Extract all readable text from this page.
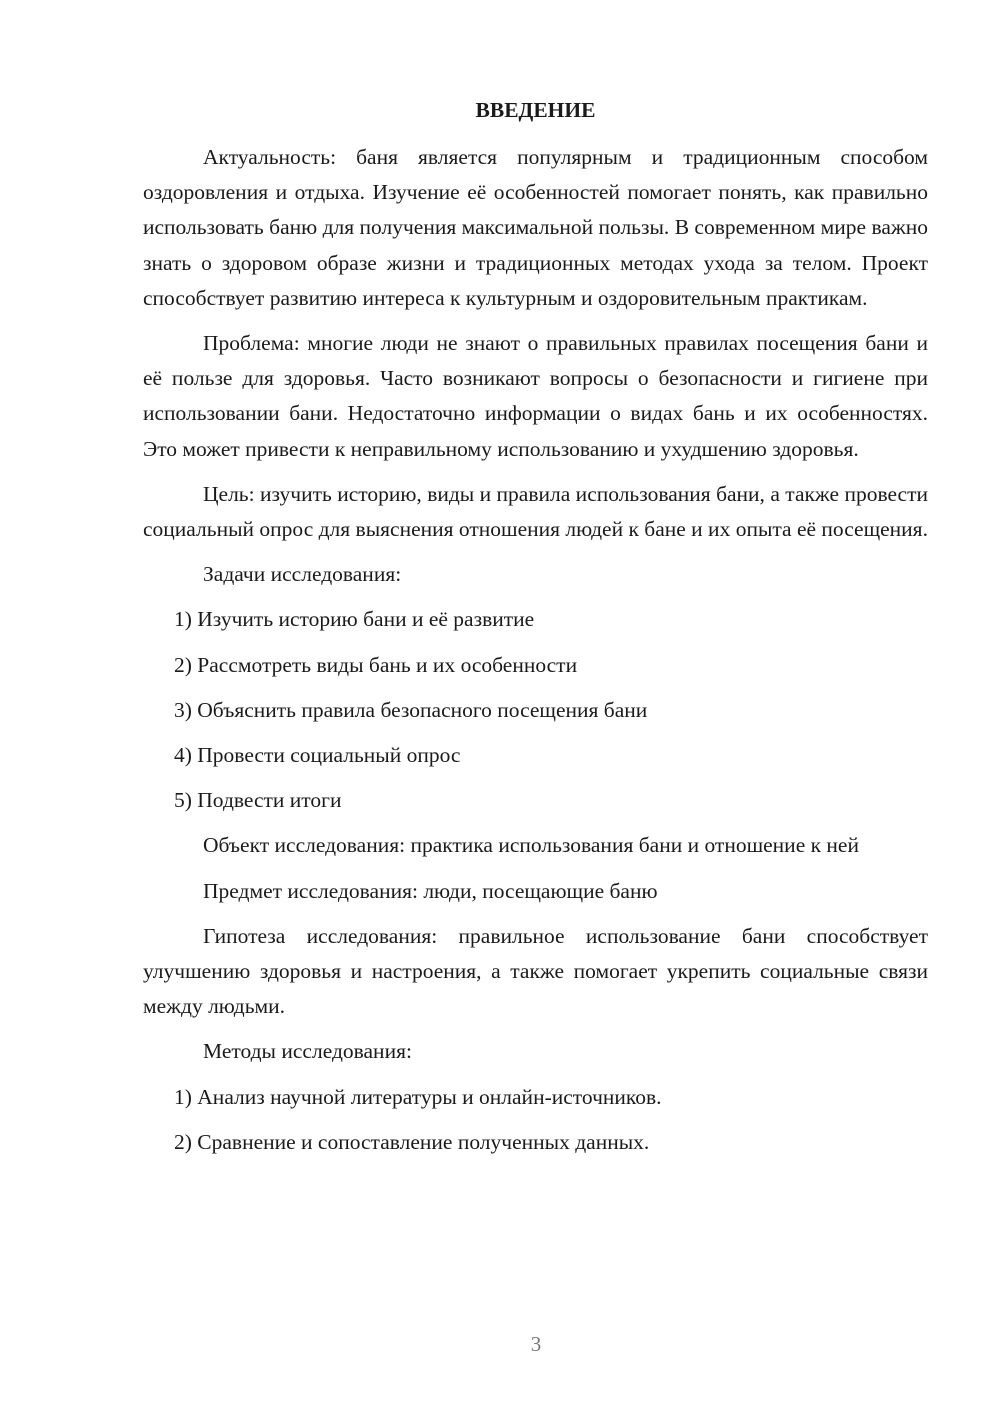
ВВЕДЕНИЕ

Актуальность: баня является популярным и традиционным способом оздоровления и отдыха. Изучение её особенностей помогает понять, как правильно использовать баню для получения максимальной пользы. В современном мире важно знать о здоровом образе жизни и традиционных методах ухода за телом. Проект способствует развитию интереса к культурным и оздоровительным практикам.

Проблема: многие люди не знают о правильных правилах посещения бани и её пользе для здоровья. Часто возникают вопросы о безопасности и гигиене при использовании бани. Недостаточно информации о видах бань и их особенностях. Это может привести к неправильному использованию и ухудшению здоровья.

Цель: изучить историю, виды и правила использования бани, а также провести социальный опрос для выяснения отношения людей к бане и их опыта её посещения.

Задачи исследования:

1) Изучить историю бани и её развитие

2) Рассмотреть виды бань и их особенности

3) Объяснить правила безопасного посещения бани

4) Провести социальный опрос

5) Подвести итоги

Объект исследования: практика использования бани и отношение к ней

Предмет исследования: люди, посещающие баню

Гипотеза исследования: правильное использование бани способствует улучшению здоровья и настроения, а также помогает укрепить социальные связи между людьми.

Методы исследования:

1) Анализ научной литературы и онлайн-источников.

2) Сравнение и сопоставление полученных данных.

3
